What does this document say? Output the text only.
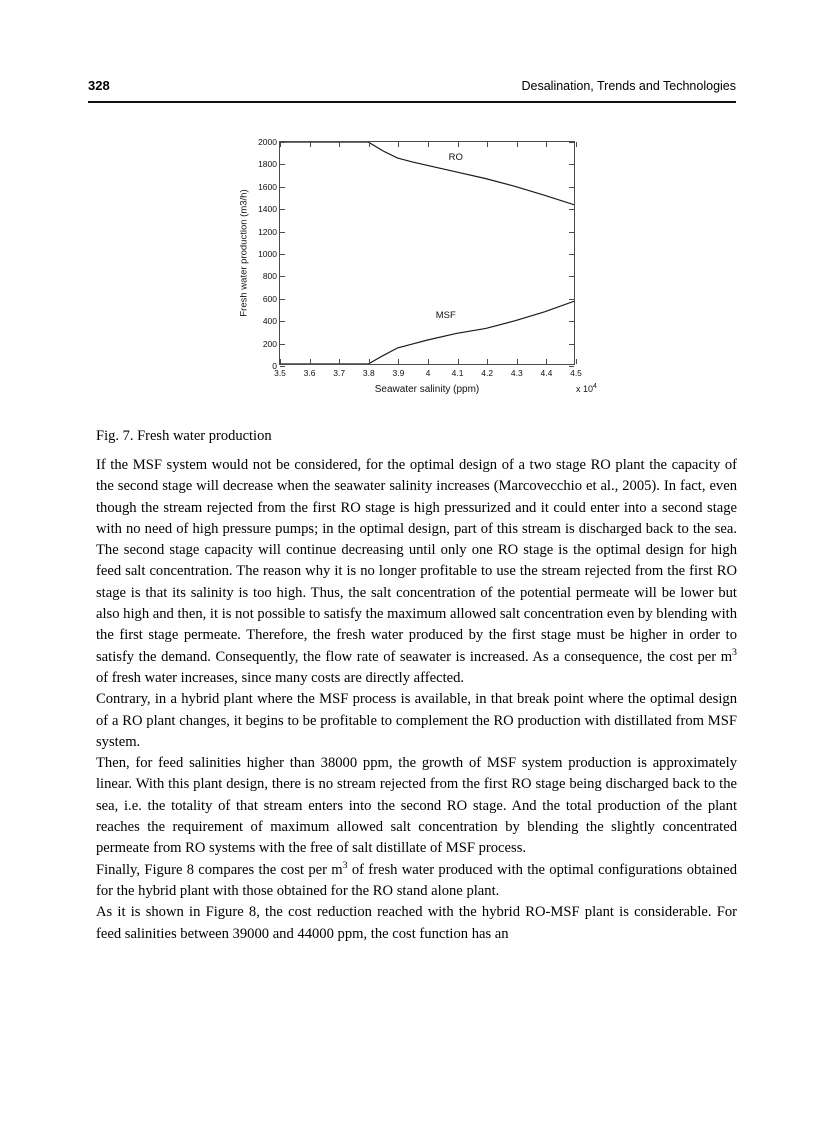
328	Desalination, Trends and Technologies
Fresh water production (m3/h)
0
200
400
600
800
1000
1200
1400
1600
1800
2000
3.5 3.6 3.7 3.8 3.9	4	4.1 4.2 4.3 4.4 4.5
Seawater salinity (ppm)	x $10^4$
RO
MSF
Fig. 7. Fresh water production

If the MSF system would not be considered, for the optimal design of a two stage RO plant the capacity of the second stage will decrease when the seawater salinity increases (Marcovecchio et al., 2005). In fact, even though the stream rejected from the first RO stage is high pressurized and it could enter into a second stage with no need of high pressure pumps; in the optimal design, part of this stream is discharged back to the sea. The second stage capacity will continue decreasing until only one RO stage is the optimal design for high feed salt concentration. The reason why it is no longer profitable to use the stream rejected from the first RO stage is that its salinity is too high. Thus, the salt concentration of the potential permeate will be lower but also high and then, it is not possible to satisfy the maximum allowed salt concentration even by blending with the first stage permeate. Therefore, the fresh water produced by the first stage must be higher in order to satisfy the demand. Consequently, the flow rate of seawater is increased. As a consequence, the cost per $m^3$ of fresh water increases, since many costs are directly affected.

Contrary, in a hybrid plant where the MSF process is available, in that break point where the optimal design of a RO plant changes, it begins to be profitable to complement the RO production with distillated from MSF system.

Then, for feed salinities higher than 38000 ppm, the growth of MSF system production is approximately linear. With this plant design, there is no stream rejected from the first RO stage being discharged back to the sea, i.e. the totality of that stream enters into the second RO stage. And the total production of the plant reaches the requirement of maximum allowed salt concentration by blending the slightly concentrated permeate from RO systems with the free of salt distillate of MSF process.

Finally, Figure 8 compares the cost per $m^3$ of fresh water produced with the optimal configurations obtained for the hybrid plant with those obtained for the RO stand alone plant.

As it is shown in Figure 8, the cost reduction reached with the hybrid RO-MSF plant is considerable. For feed salinities between 39000 and 44000 ppm, the cost function has an
